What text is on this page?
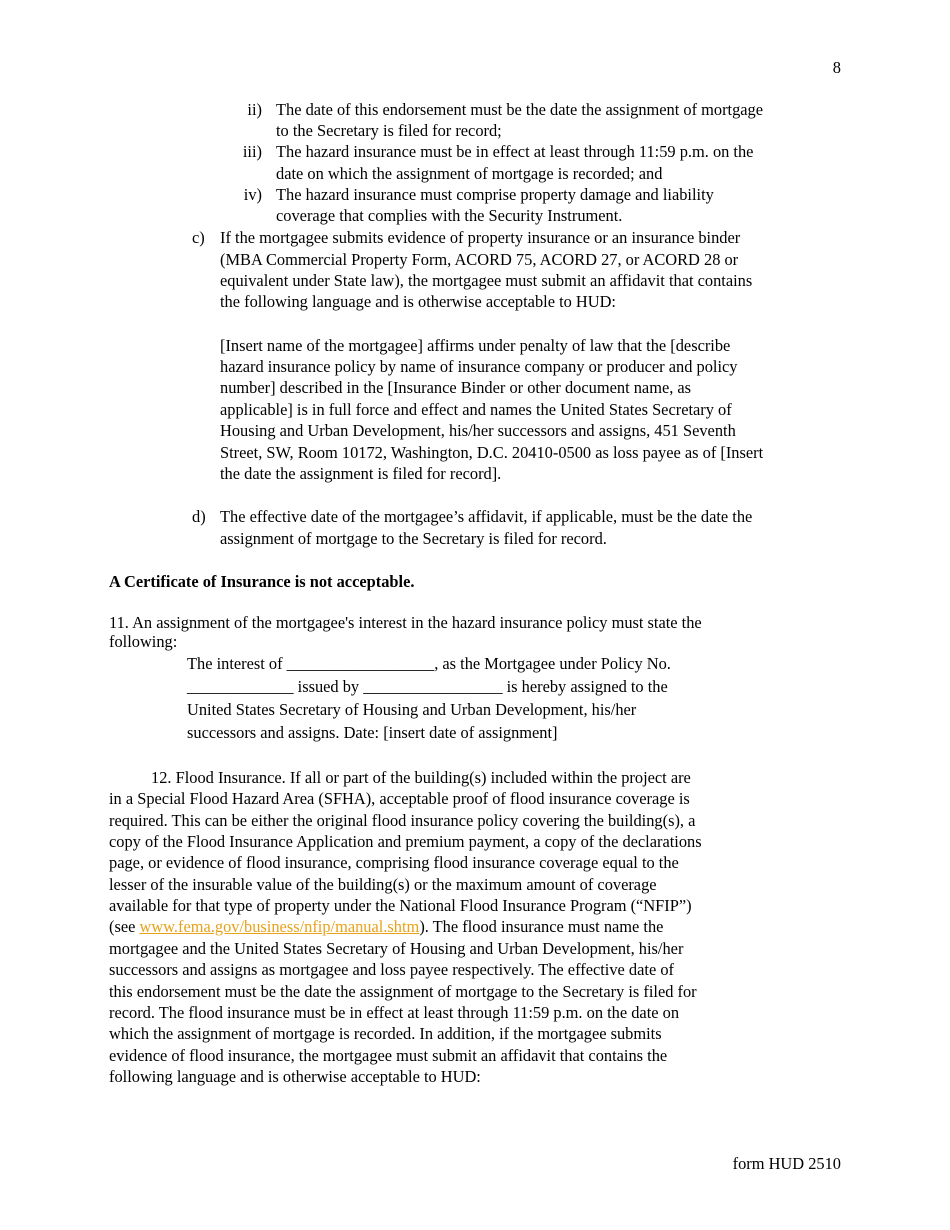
8
ii) The date of this endorsement must be the date the assignment of mortgage
to the Secretary is filed for record;
iii) The hazard insurance must be in effect at least through 11:59 p.m. on the
date on which the assignment of mortgage is recorded; and
iv) The hazard insurance must comprise property damage and liability
coverage that complies with the Security Instrument.
c) If the mortgagee submits evidence of property insurance or an insurance binder
(MBA Commercial Property Form, ACORD 75, ACORD 27, or ACORD 28 or
equivalent under State law), the mortgagee must submit an affidavit that contains
the following language and is otherwise acceptable to HUD:
[Insert name of the mortgagee] affirms under penalty of law that the [describe
hazard insurance policy by name of insurance company or producer and policy
number] described in the [Insurance Binder or other document name, as
applicable] is in full force and effect and names the United States Secretary of
Housing and Urban Development, his/her successors and assigns, 451 Seventh
Street, SW, Room 10172, Washington, D.C. 20410-0500 as loss payee as of [Insert
the date the assignment is filed for record].
d) The effective date of the mortgagee’s affidavit, if applicable, must be the date the
assignment of mortgage to the Secretary is filed for record.
A Certificate of Insurance is not acceptable.
11. An assignment of the mortgagee's interest in the hazard insurance policy must state the
following:
The interest of __________________, as the Mortgagee under Policy No.
_____________ issued by _________________ is hereby assigned to the
United States Secretary of Housing and Urban Development, his/her
successors and assigns. Date: [insert date of assignment]
12. Flood Insurance. If all or part of the building(s) included within the project are
in a Special Flood Hazard Area (SFHA), acceptable proof of flood insurance coverage is
required. This can be either the original flood insurance policy covering the building(s), a
copy of the Flood Insurance Application and premium payment, a copy of the declarations
page, or evidence of flood insurance, comprising flood insurance coverage equal to the
lesser of the insurable value of the building(s) or the maximum amount of coverage
available for that type of property under the National Flood Insurance Program (“NFIP”)
(see www.fema.gov/business/nfip/manual.shtm). The flood insurance must name the
mortgagee and the United States Secretary of Housing and Urban Development, his/her
successors and assigns as mortgagee and loss payee respectively. The effective date of
this endorsement must be the date the assignment of mortgage to the Secretary is filed for
record. The flood insurance must be in effect at least through 11:59 p.m. on the date on
which the assignment of mortgage is recorded. In addition, if the mortgagee submits
evidence of flood insurance, the mortgagee must submit an affidavit that contains the
following language and is otherwise acceptable to HUD:
form HUD 2510
